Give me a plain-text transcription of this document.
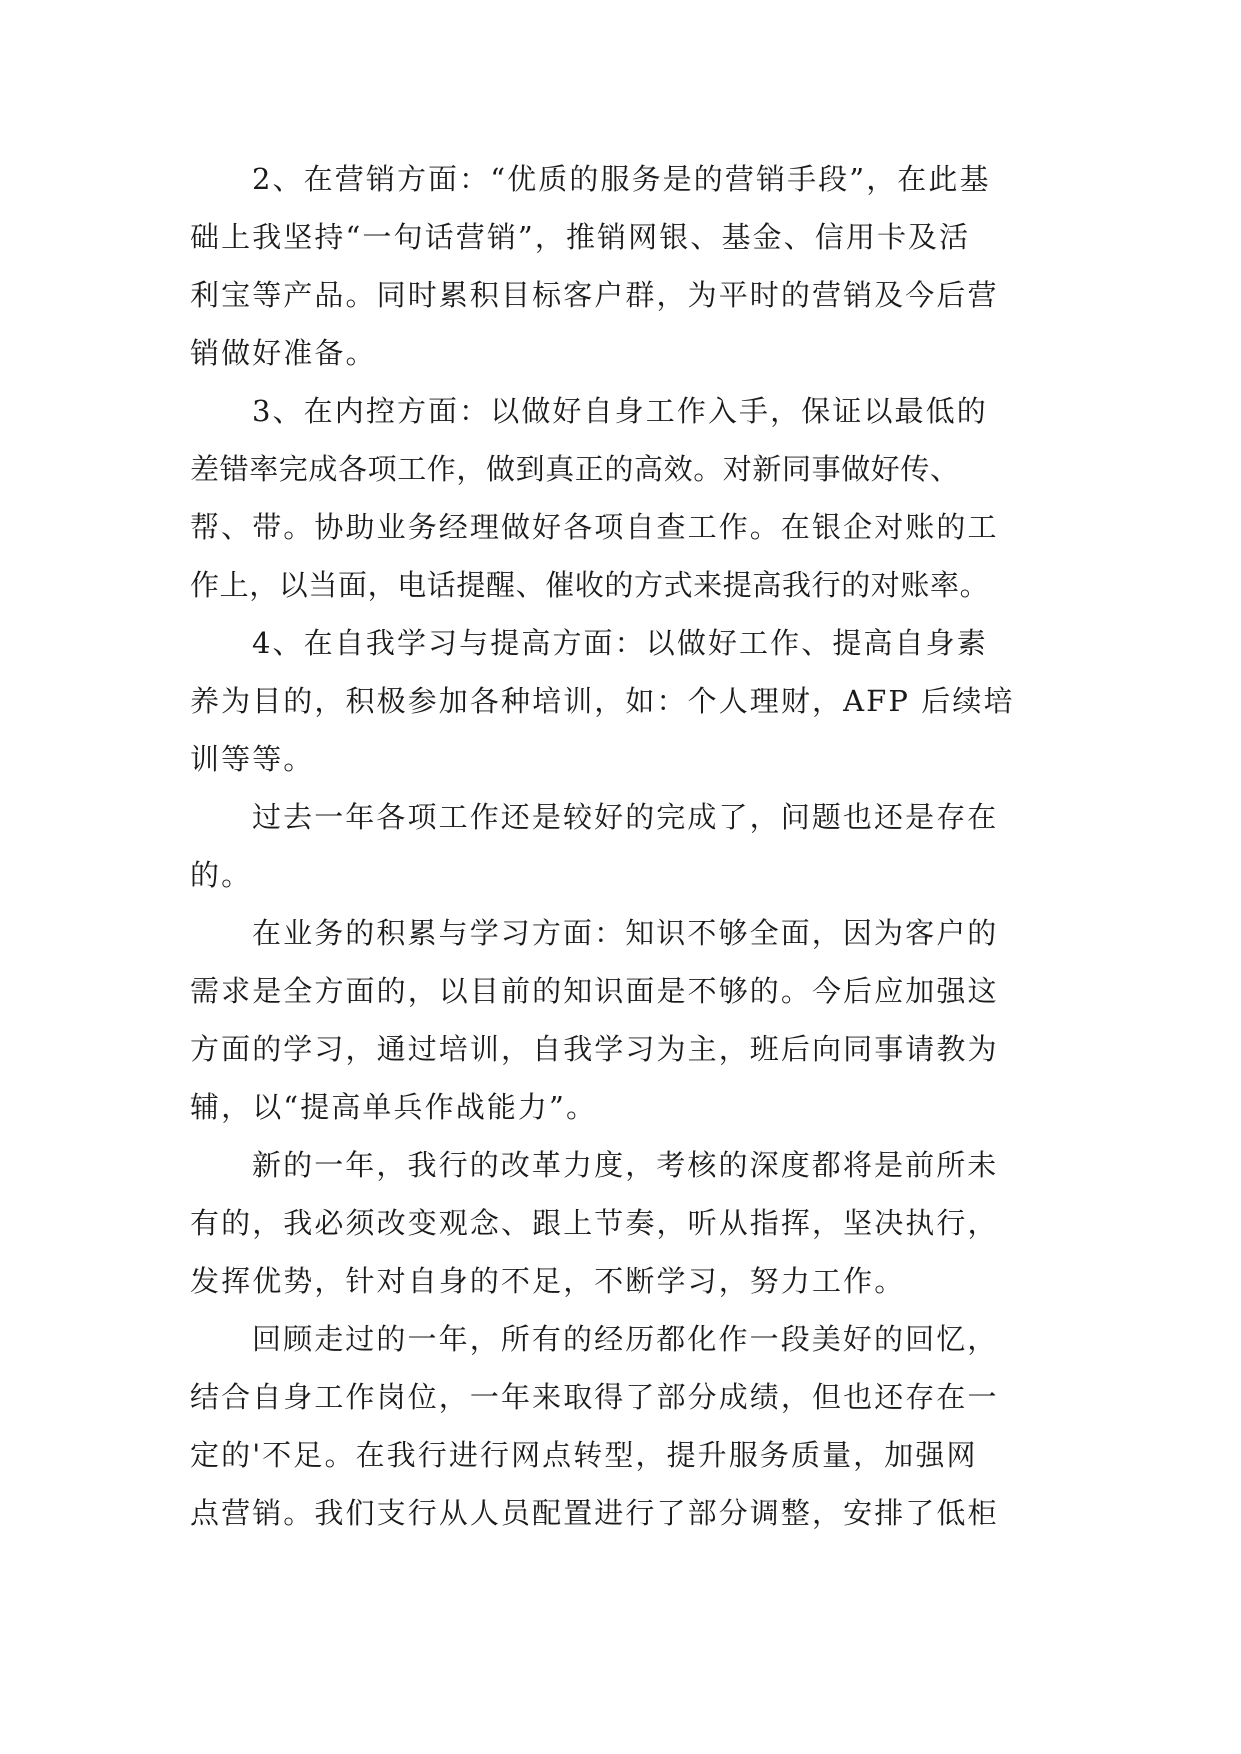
2、在营销方面：“优质的服务是的营销手段”，在此基
础上我坚持“一句话营销”，推销网银、基金、信用卡及活
利宝等产品。同时累积目标客户群，为平时的营销及今后营
销做好准备。
3、在内控方面：以做好自身工作入手，保证以最低的
差错率完成各项工作，做到真正的高效。对新同事做好传、
帮、带。协助业务经理做好各项自查工作。在银企对账的工
作上，以当面，电话提醒、催收的方式来提高我行的对账率。
4、在自我学习与提高方面：以做好工作、提高自身素
养为目的，积极参加各种培训，如：个人理财，AFP 后续培
训等等。
过去一年各项工作还是较好的完成了，问题也还是存在
的。
在业务的积累与学习方面：知识不够全面，因为客户的
需求是全方面的，以目前的知识面是不够的。今后应加强这
方面的学习，通过培训，自我学习为主，班后向同事请教为
辅，以“提高单兵作战能力”。
新的一年，我行的改革力度，考核的深度都将是前所未
有的，我必须改变观念、跟上节奏，听从指挥，坚决执行，
发挥优势，针对自身的不足，不断学习，努力工作。
回顾走过的一年，所有的经历都化作一段美好的回忆，
结合自身工作岗位，一年来取得了部分成绩，但也还存在一
定的'不足。在我行进行网点转型，提升服务质量，加强网
点营销。我们支行从人员配置进行了部分调整，安排了低柜
